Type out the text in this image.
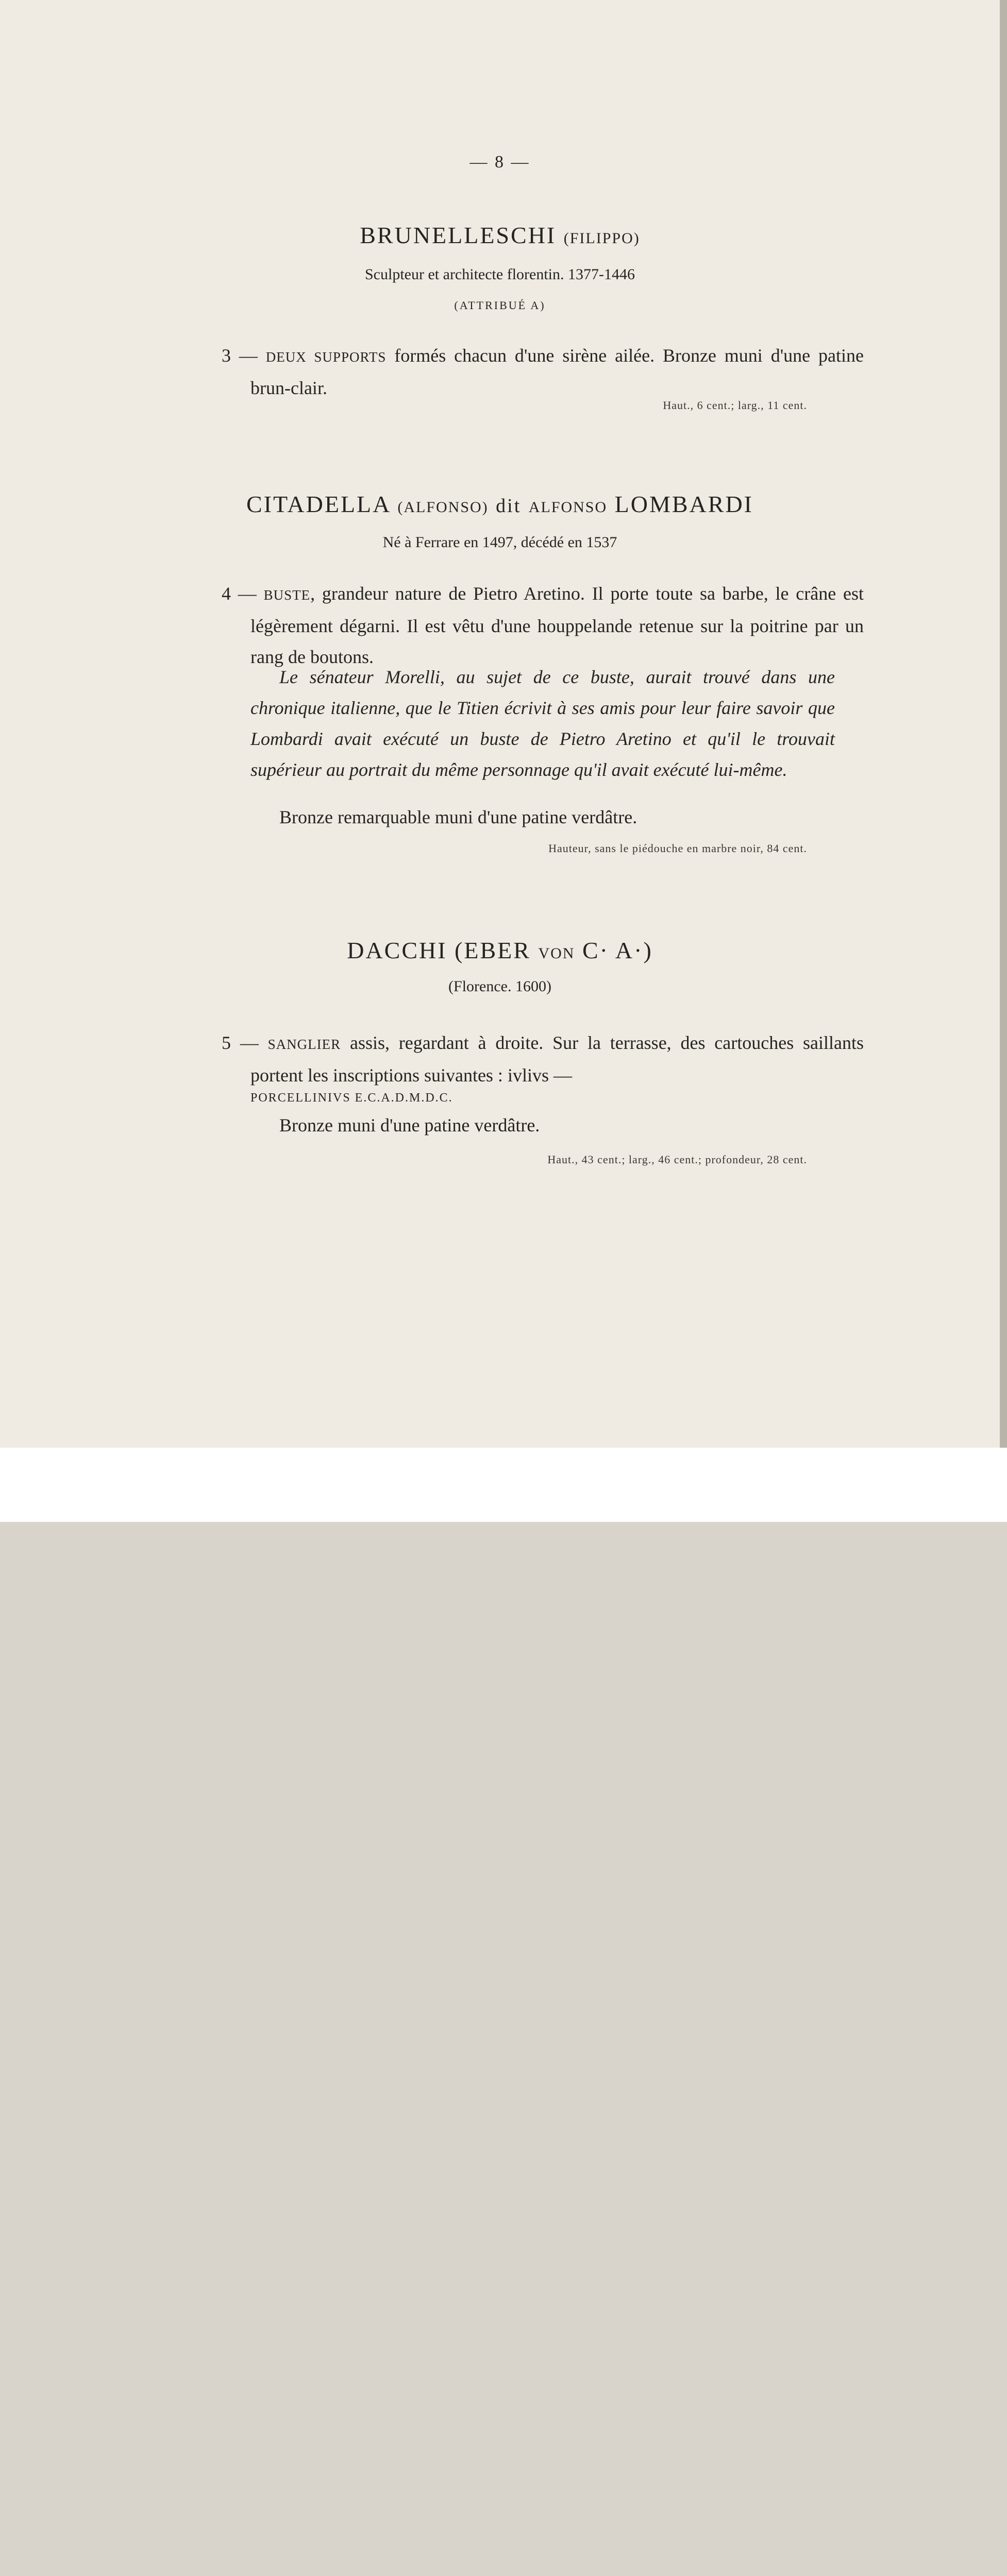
— 8 —
BRUNELLESCHI (FILIPPO)
Sculpteur et architecte florentin. 1377-1446
(ATTRIBUÉ A)
3 — DEUX SUPPORTS formés chacun d'une sirène ailée. Bronze muni d'une patine brun-clair.
Haut., 6 cent.; larg., 11 cent.
CITADELLA (ALFONSO) dit ALFONSO LOMBARDI
Né à Ferrare en 1497, décédé en 1537
4 — BUSTE, grandeur nature de Pietro Aretino. Il porte toute sa barbe, le crâne est légèrement dégarni. Il est vêtu d'une houppelande retenue sur la poitrine par un rang de boutons.
Le sénateur Morelli, au sujet de ce buste, aurait trouvé dans une chronique italienne, que le Titien écrivit à ses amis pour leur faire savoir que Lombardi avait exécuté un buste de Pietro Aretino et qu'il le trouvait supérieur au portrait du même personnage qu'il avait exécuté lui-même.
Bronze remarquable muni d'une patine verdâtre.
Hauteur, sans le piédouche en marbre noir, 84 cent.
DACCHI (EBER VON C· A·)
(Florence. 1600)
5 — SANGLIER assis, regardant à droite. Sur la terrasse, des cartouches saillants portent les inscriptions suivantes : ivlivs —
PORCELLINIVS E.C.A.D.M.D.C.
Bronze muni d'une patine verdâtre.
Haut., 43 cent.; larg., 46 cent.; profondeur, 28 cent.
